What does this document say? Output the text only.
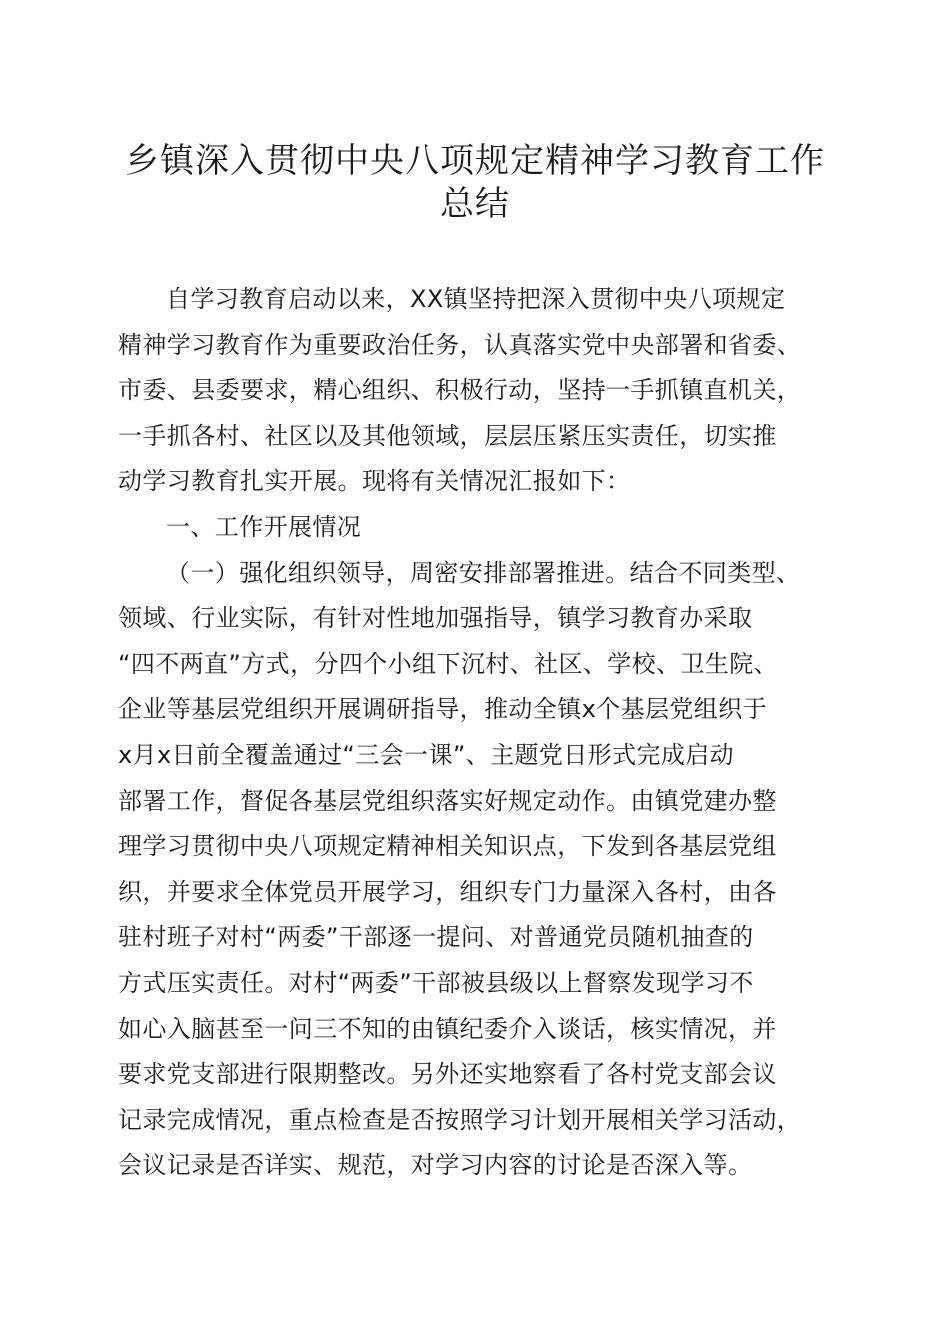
乡镇深入贯彻中央八项规定精神学习教育工作
总结
自学习教育启动以来，XX镇坚持把深入贯彻中央八项规定
精神学习教育作为重要政治任务，认真落实党中央部署和省委、
市委、县委要求，精心组织、积极行动，坚持一手抓镇直机关，
一手抓各村、社区以及其他领域，层层压紧压实责任，切实推
动学习教育扎实开展。现将有关情况汇报如下：
一、工作开展情况
（一）强化组织领导，周密安排部署推进。结合不同类型、
领域、行业实际，有针对性地加强指导，镇学习教育办采取
“四不两直”方式，分四个小组下沉村、社区、学校、卫生院、
企业等基层党组织开展调研指导，推动全镇x个基层党组织于
x月x日前全覆盖通过“三会一课”、主题党日形式完成启动
部署工作，督促各基层党组织落实好规定动作。由镇党建办整
理学习贯彻中央八项规定精神相关知识点，下发到各基层党组
织，并要求全体党员开展学习，组织专门力量深入各村，由各
驻村班子对村“两委”干部逐一提问、对普通党员随机抽查的
方式压实责任。对村“两委”干部被县级以上督察发现学习不
如心入脑甚至一问三不知的由镇纪委介入谈话，核实情况，并
要求党支部进行限期整改。另外还实地察看了各村党支部会议
记录完成情况，重点检查是否按照学习计划开展相关学习活动，
会议记录是否详实、规范，对学习内容的讨论是否深入等。
